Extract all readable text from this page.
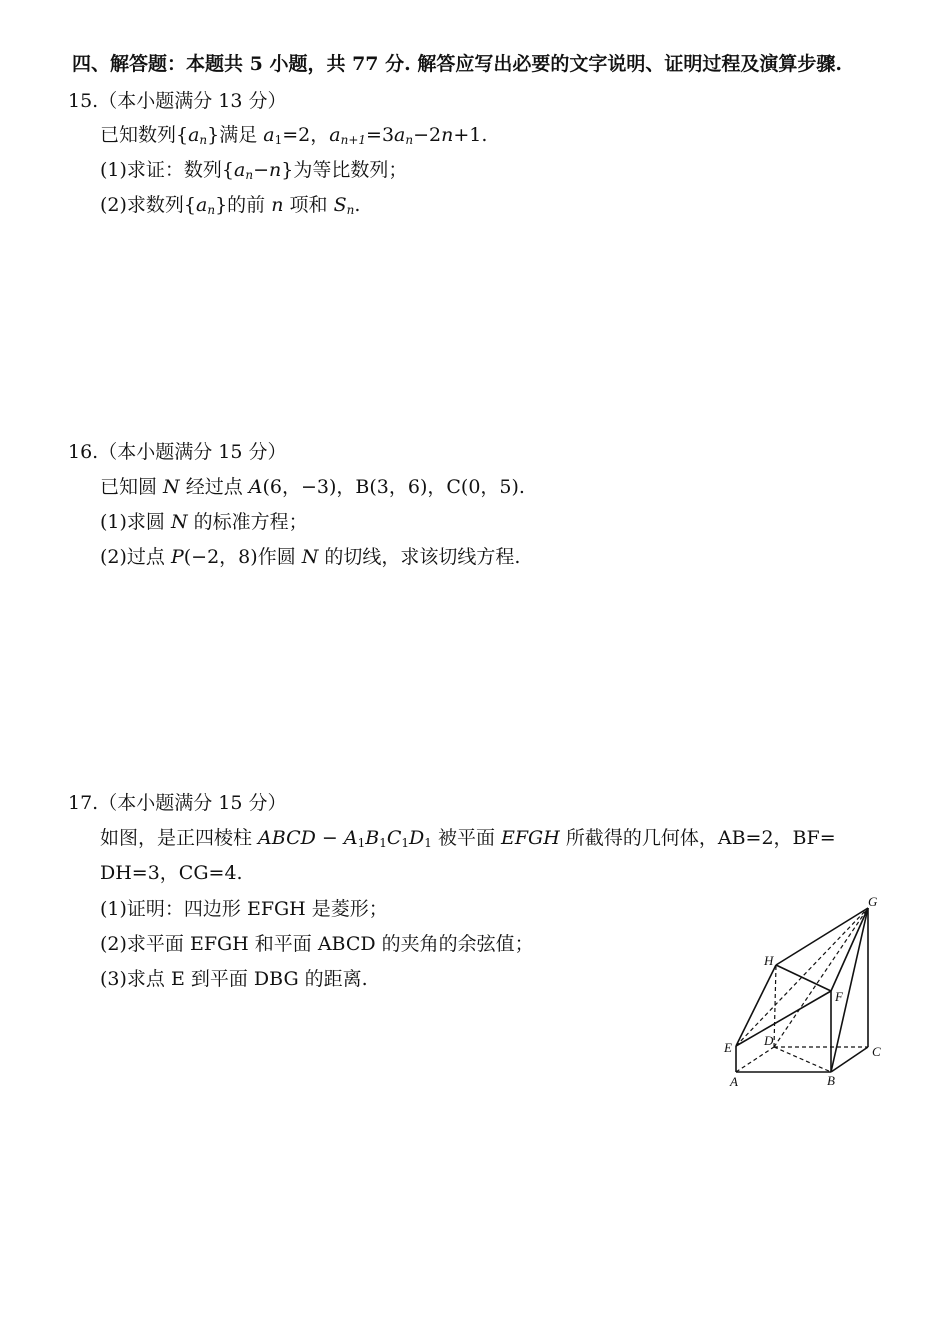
四、解答题：本题共 5 小题，共 77 分. 解答应写出必要的文字说明、证明过程及演算步骤.
15.（本小题满分 13 分）
已知数列$\{a_n\}$满足 $a_1=2$，$a_{n+1}=3a_n-2n+1$.
(1)求证：数列$\{a_n-n\}$为等比数列；
(2)求数列$\{a_n\}$的前 n 项和 $S_n$.
16.（本小题满分 15 分）
已知圆 N 经过点 A(6，−3)，B(3，6)，C(0，5).
(1)求圆 N 的标准方程；
(2)过点 P(−2，8)作圆 N 的切线，求该切线方程.
17.（本小题满分 15 分）
如图，是正四棱柱 ABCD − $A_1B_1C_1D_1$ 被平面 EFGH 所截得的几何体，AB=2，BF=
DH=3，CG=4.
(1)证明：四边形 EFGH 是菱形；
(2)求平面 EFGH 和平面 ABCD 的夹角的余弦值；
(3)求点 E 到平面 DBG 的距离.
G
H
F
E D
C
A	B
